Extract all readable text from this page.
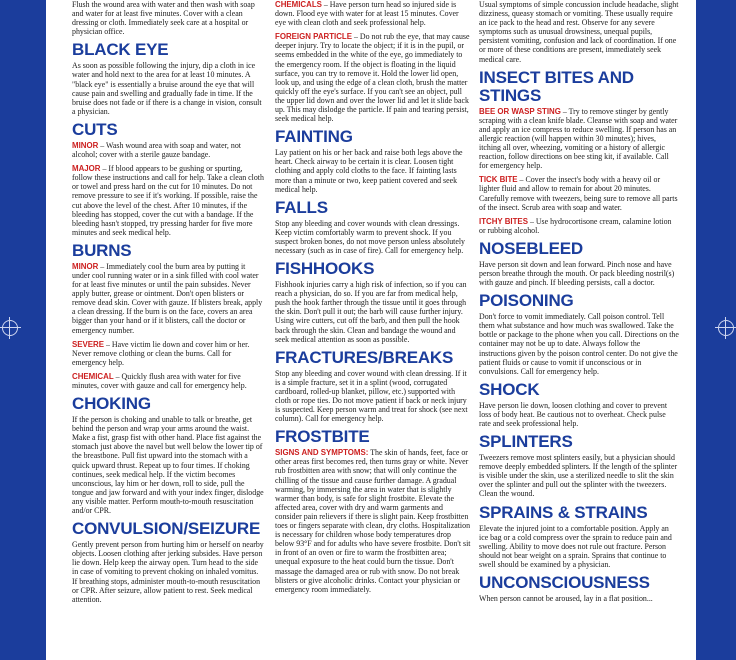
Flush the wound area with water and then wash with soap and water for at least five minutes. Cover with a clean dressing or cloth. Immediately seek care at a hospital or physician office.

BLACK EYE

As soon as possible following the injury, dip a cloth in ice water and hold next to the area for at least 10 minutes. A "black eye" is essentially a bruise around the eye that will cause pain and swelling and gradually fade in time. If the bruise does not fade or if there is a change in vision, consult a physician.

CUTS

MINOR – Wash wound area with soap and water, not alcohol; cover with a sterile gauze bandage.

MAJOR – If blood appears to be gushing or spurting, follow these instructions and call for help. Take a clean cloth or towel and press hard on the cut for 10 minutes. Do not remove pressure to see if it's working. If possible, raise the cut above the level of the chest. After 10 minutes, if the bleeding has stopped, cover the cut with a bandage. If the bleeding hasn't stopped, try pressing harder for five more minutes and seek medical help.

BURNS

MINOR – Immediately cool the burn area by putting it under cool running water or in a sink filled with cool water for at least five minutes or until the pain subsides. Never apply butter, grease or ointment. Don't open blisters or remove dead skin. Cover with gauze. If blisters break, apply a clean dressing. If the burn is on the face, covers an area bigger than your hand or if it blisters, call the doctor or emergency number.

SEVERE – Have victim lie down and cover him or her. Never remove clothing or clean the burns. Call for emergency help.

CHEMICAL – Quickly flush area with water for five minutes, cover with gauze and call for emergency help.

CHOKING

If the person is choking and unable to talk or breathe, get behind the person and wrap your arms around the waist. Make a fist, grasp fist with other hand. Place fist against the stomach just above the navel but well below the lower tip of the breastbone. Pull fist upward into the stomach with a quick upward thrust. Repeat up to four times. If choking continues, seek medical help. If the victim becomes unconscious, lay him or her down, roll to side, pull the tongue and jaw forward and with your index finger, dislodge any visible matter. Perform mouth-to-mouth resuscitation and/or CPR.

CONVULSION/SEIZURE

Gently prevent person from hurting him or herself on nearby objects. Loosen clothing after jerking subsides. Have person lie down. Help keep the airway open. Turn head to the side in case of vomiting to prevent choking on inhaled vomitus. If breathing stops, administer mouth-to-mouth resuscitation or CPR. After seizure, allow patient to rest. Seek medical attention.

CHEMICALS – Have person turn head so injured side is down. Flood eye with water for at least 15 minutes. Cover eye with clean cloth and seek professional help.

FOREIGN PARTICLE – Do not rub the eye, that may cause deeper injury. Try to locate the object; if it is in the pupil, or seems embedded in the white of the eye, go immediately to the emergency room. If the object is floating in the liquid surface, you can try to remove it. Hold the lower lid open, look up, and using the edge of a clean cloth, brush the matter quickly off the eye's surface. If you can't see an object, pull the upper lid down and over the lower lid and let it slide back up. This may dislodge the particle. If pain and tearing persist, seek medical help.

FAINTING

Lay patient on his or her back and raise both legs above the heart. Check airway to be certain it is clear. Loosen tight clothing and apply cold cloths to the face. If fainting lasts more than a minute or two, keep patient covered and seek medical help.

FALLS

Stop any bleeding and cover wounds with clean dressings. Keep victim comfortably warm to prevent shock. If you suspect broken bones, do not move person unless absolutely necessary (such as in case of fire). Call for emergency help.

FISHHOOKS

Fishhook injuries carry a high risk of infection, so if you can reach a physician, do so. If you are far from medical help, push the hook farther through the tissue until it goes through the skin. Don't pull it out; the barb will cause further injury. Using wire cutters, cut off the barb, and then pull the hook back through the skin. Clean and bandage the wound and seek medical attention as soon as possible.

FRACTURES/BREAKS

Stop any bleeding and cover wound with clean dressing. If it is a simple fracture, set it in a splint (wood, corrugated cardboard, rolled-up blanket, pillow, etc.) supported with cloth or rope ties. Do not move patient if back or neck injury is suspected. Keep person warm and treat for shock (see next column). Call for emergency help.

FROSTBITE

SIGNS AND SYMPTOMS: The skin of hands, feet, face or other areas first becomes red, then turns gray or white. Never rub frostbitten area with snow; that will only continue the chilling of the tissue and cause further damage. A gradual warming, by immersing the area in water that is slightly warmer than body, is safe for slight frostbite. Elevate the affected area, cover with dry and warm garments and consider pain relievers if there is slight pain. Keep frostbitten toes or fingers separate with clean, dry cloths. Hospitalization is necessary for children whose body temperatures drop below 93°F and for adults who have severe frostbite. Don't sit in front of an oven or fire to warm the frostbitten area; unequal exposure to the heat could burn the tissue. Don't massage the damaged area or rub with snow. Do not break blisters or give alcoholic drinks. Contact your physician or emergency room immediately.

Usual symptoms of simple concussion include headache, slight dizziness, queasy stomach or vomiting. These usually require an ice pack to the head and rest. Observe for any severe symptoms such as unusual drowsiness, unequal pupils, persistent vomiting, confusion and lack of coordination. If one or more of these conditions are present, immediately seek medical care.

INSECT BITES AND STINGS

BEE OR WASP STING – Try to remove stinger by gently scraping with a clean knife blade. Cleanse with soap and water and apply an ice compress to reduce swelling. If person has an allergic reaction (will happen within 30 minutes); hives, itching all over, wheezing, vomiting or a history of allergic reaction, follow directions on bee sting kit, if available. Call for emergency help.

TICK BITE – Cover the insect's body with a heavy oil or lighter fluid and allow to remain for about 20 minutes. Carefully remove with tweezers, being sure to remove all parts of the insect. Scrub area with soap and water.

ITCHY BITES – Use hydrocortisone cream, calamine lotion or rubbing alcohol.

NOSEBLEED

Have person sit down and lean forward. Pinch nose and have person breathe through the mouth. Or pack bleeding nostril(s) with gauze and pinch. If bleeding persists, call a doctor.

POISONING

Don't force to vomit immediately. Call poison control. Tell them what substance and how much was swallowed. Take the bottle or package to the phone when you call. Directions on the container may not be up to date. Always follow the instructions given by the poison control center. Do not give the patient fluids or cause to vomit if unconscious or in convulsions. Call for emergency help.

SHOCK

Have person lie down, loosen clothing and cover to prevent loss of body heat. Be cautious not to overheat. Check pulse rate and seek professional help.

SPLINTERS

Tweezers remove most splinters easily, but a physician should remove deeply embedded splinters. If the length of the splinter is visible under the skin, use a sterilized needle to slit the skin over the splinter and pull out the splinter with the tweezers. Clean the wound.

SPRAINS & STRAINS

Elevate the injured joint to a comfortable position. Apply an ice bag or a cold compress over the sprain to reduce pain and swelling. Ability to move does not rule out fracture. Person should not bear weight on a sprain. Sprains that continue to swell should be examined by a physician.

UNCONSCIOUSNESS

When person cannot be aroused, lay in a flat position...
